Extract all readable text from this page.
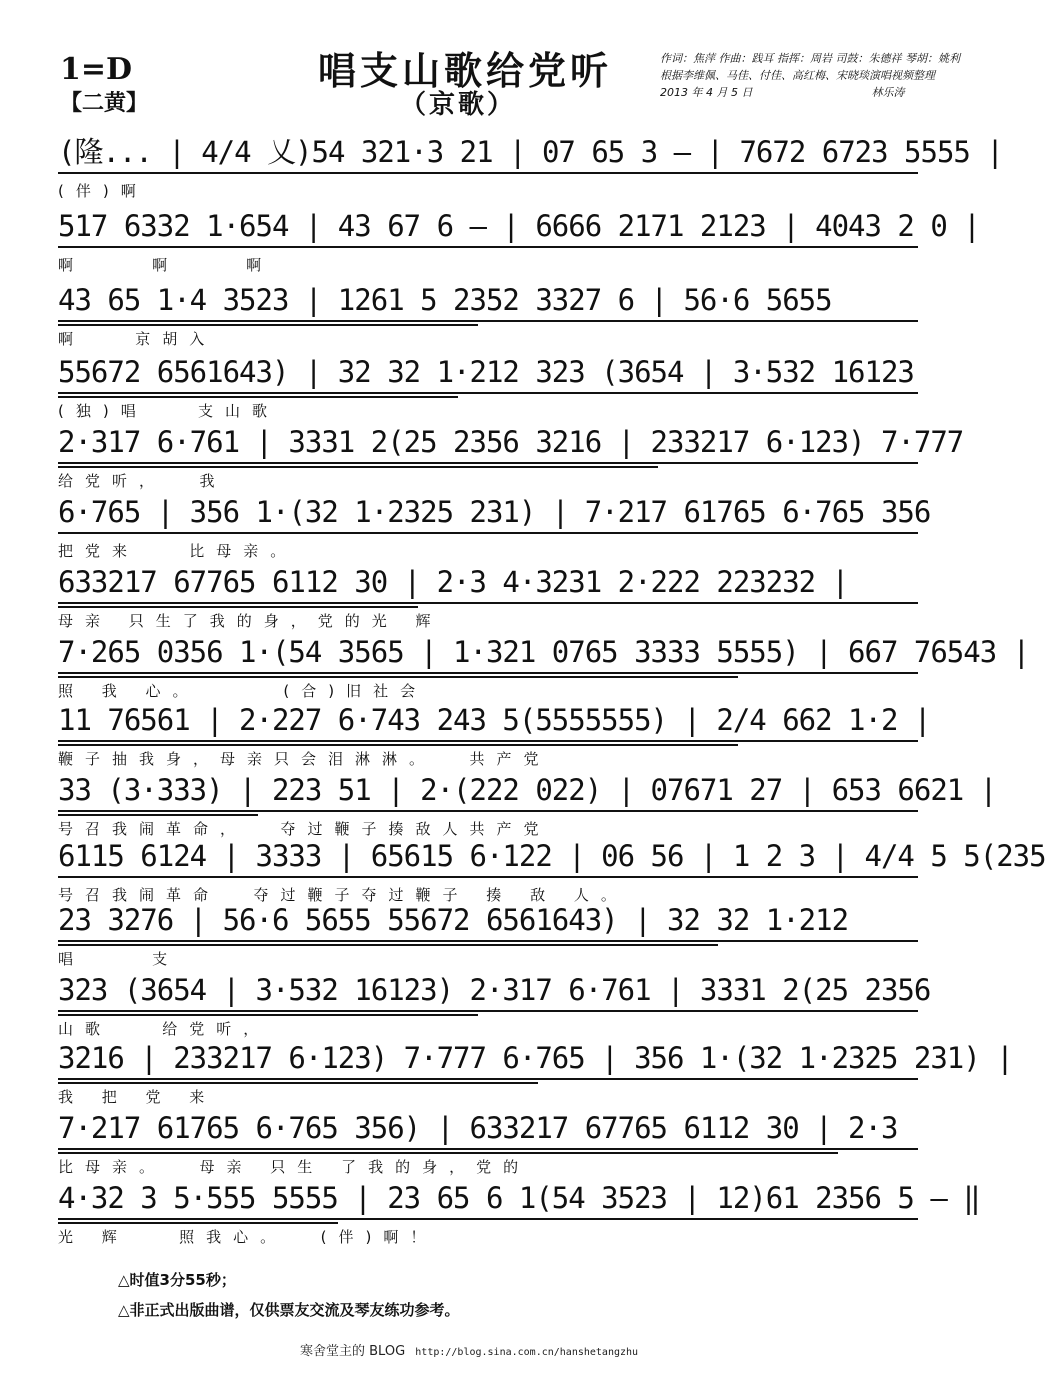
1=D
【二黄】
唱支山歌给党听
（京歌）
作词：焦萍 作曲：践耳 指挥：周岩 司鼓：朱德祥 琴胡：姚利
根据李维佩、马佳、付佳、高红梅、宋晓琰演唱视频整理
2013 年 4 月 5 日	林乐涛
(隆... | 4/4 乂)54 321·3 21 | 07 65 3 — | 7672 6723 5555 |
(伴)啊
517 6332 1·654 | 43 67 6 — | 6666 2171 2123 | 4043 2 0 |
啊    啊    啊
43 65 1·4 3523 | 1261 5 2352 3327 6 | 56·6 5655
啊   京胡入
55672 6561643) | 32 32 1·212 323 (3654 | 3·532 16123
(独)唱   支山歌
2·317 6·761 | 3331 2(25 2356 3216 | 233217 6·123) 7·777
给党听，  我
6·765 | 356 1·(32 1·2325 231) | 7·217 61765 6·765 356
把党来   比母亲。
633217 67765 6112 30 | 2·3 4·3231 2·222 223232 |
母亲 只生了我的身，党的光 辉
7·265 0356 1·(54 3565 | 1·321 0765 3333 5555) | 667 76543 |
照 我 心。     (合)旧社会
11 76561 | 2·227 6·743 243 5(5555555) | 2/4 662 1·2 |
鞭子抽我身，母亲只会泪淋淋。  共产党
33 (3·333) | 223 51 | 2·(222 022) | 07671 27 | 653 6621 |
号召我闹革命，  夺过鞭子揍敌人共产党
6115 6124 | 3333 | 65615 6·122 | 06 56 | 1 2 3 | 4/4 5 5(235
号召我闹革命  夺过鞭子夺过鞭子 揍 敌 人。
23 3276 | 56·6 5655 55672 6561643) | 32 32 1·212
唱    支
323 (3654 | 3·532 16123) 2·317 6·761 | 3331 2(25 2356
山歌   给党听，
3216 | 233217 6·123) 7·777 6·765 | 356 1·(32 1·2325 231) |
我 把 党 来
7·217 61765 6·765 356) | 633217 67765 6112 30 | 2·3
比母亲。  母亲 只生 了我的身，党的
4·32 3 5·555 5555 | 23 65 6 1(54 3523 | 12)61 2356 5 — ‖
光 辉   照我心。  (伴)啊！
△时值3分55秒；
△非正式出版曲谱，仅供票友交流及琴友练功参考。
寒舍堂主的 BLOG http://blog.sina.com.cn/hanshetangzhu
